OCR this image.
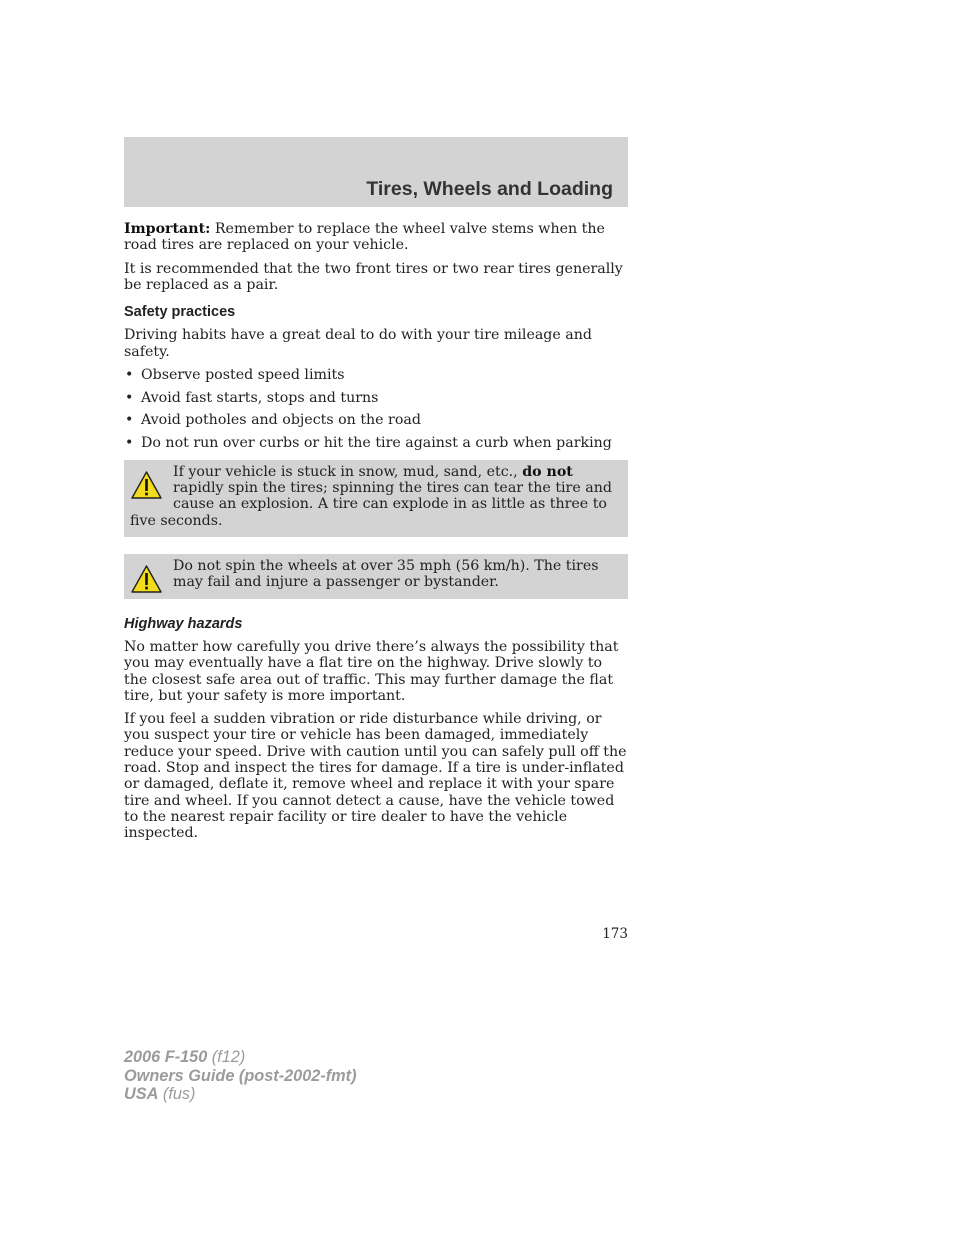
Tires, Wheels and Loading

Important: Remember to replace the wheel valve stems when the road tires are replaced on your vehicle.

It is recommended that the two front tires or two rear tires generally be replaced as a pair.

Safety practices

Driving habits have a great deal to do with your tire mileage and safety.

• Observe posted speed limits
• Avoid fast starts, stops and turns
• Avoid potholes and objects on the road
• Do not run over curbs or hit the tire against a curb when parking

If your vehicle is stuck in snow, mud, sand, etc., do not rapidly spin the tires; spinning the tires can tear the tire and cause an explosion. A tire can explode in as little as three to five seconds.

Do not spin the wheels at over 35 mph (56 km/h). The tires may fail and injure a passenger or bystander.

Highway hazards

No matter how carefully you drive there’s always the possibility that you may eventually have a flat tire on the highway. Drive slowly to the closest safe area out of traffic. This may further damage the flat tire, but your safety is more important.

If you feel a sudden vibration or ride disturbance while driving, or you suspect your tire or vehicle has been damaged, immediately reduce your speed. Drive with caution until you can safely pull off the road. Stop and inspect the tires for damage. If a tire is under-inflated or damaged, deflate it, remove wheel and replace it with your spare tire and wheel. If you cannot detect a cause, have the vehicle towed to the nearest repair facility or tire dealer to have the vehicle inspected.

173
2006 F-150 (f12)
Owners Guide (post-2002-fmt)
USA (fus)
